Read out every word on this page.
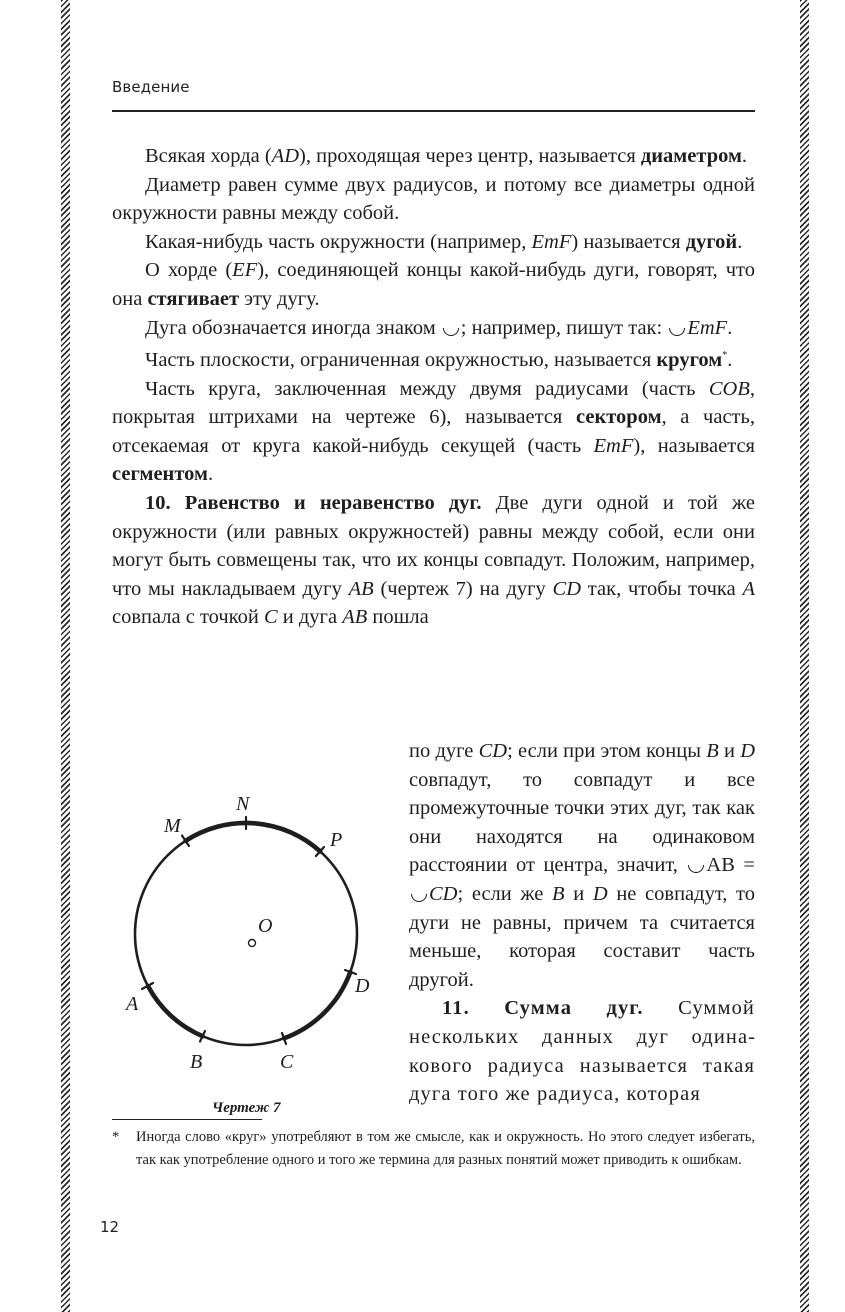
Введение

Всякая хорда (AD), проходящая через центр, называется диаметром.

Диаметр равен сумме двух радиусов, и потому все диаметры одной окружности равны между собой.

Какая-нибудь часть окружности (например, EmF) называется дугой.

О хорде (EF), соединяющей концы какой-нибудь дуги, говорят, что она стягивает эту дугу.

Дуга обозначается иногда знаком ; например, пишут так: EmF.

Часть плоскости, ограниченная окружностью, называется кругом*.

Часть круга, заключенная между двумя радиусами (часть COB, покрытая штрихами на чертеже 6), называется сектором, а часть, отсекаемая от круга какой-нибудь секущей (часть EmF), называется сегментом.

10. Равенство и неравенство дуг. Две дуги одной и той же окружности (или равных окружностей) равны между собой, если они могут быть совмещены так, что их концы совпадут. Положим, например, что мы накладываем дугу AB (чертеж 7) на дугу CD так, чтобы точка A совпала с точкой C и дуга AB пошла

N
M
P
O
D
A
B	C
Чертеж 7

по дуге CD; если при этом концы B и D совпадут, то совпадут и все промежуточные точки этих дуг, так как они находятся на одинаковом расстоянии от центра, значит, AB = CD; если же B и D не совпадут, то дуги не равны, причем та считается меньше, которая составит часть другой.

11. Сумма дуг. Суммой нескольких данных дуг одинакового радиуса называется такая дуга того же радиуса, которая

* Иногда слово «круг» употребляют в том же смысле, как и окружность. Но этого следует избегать, так как употребление одного и того же термина для разных понятий может приводить к ошибкам.

12
